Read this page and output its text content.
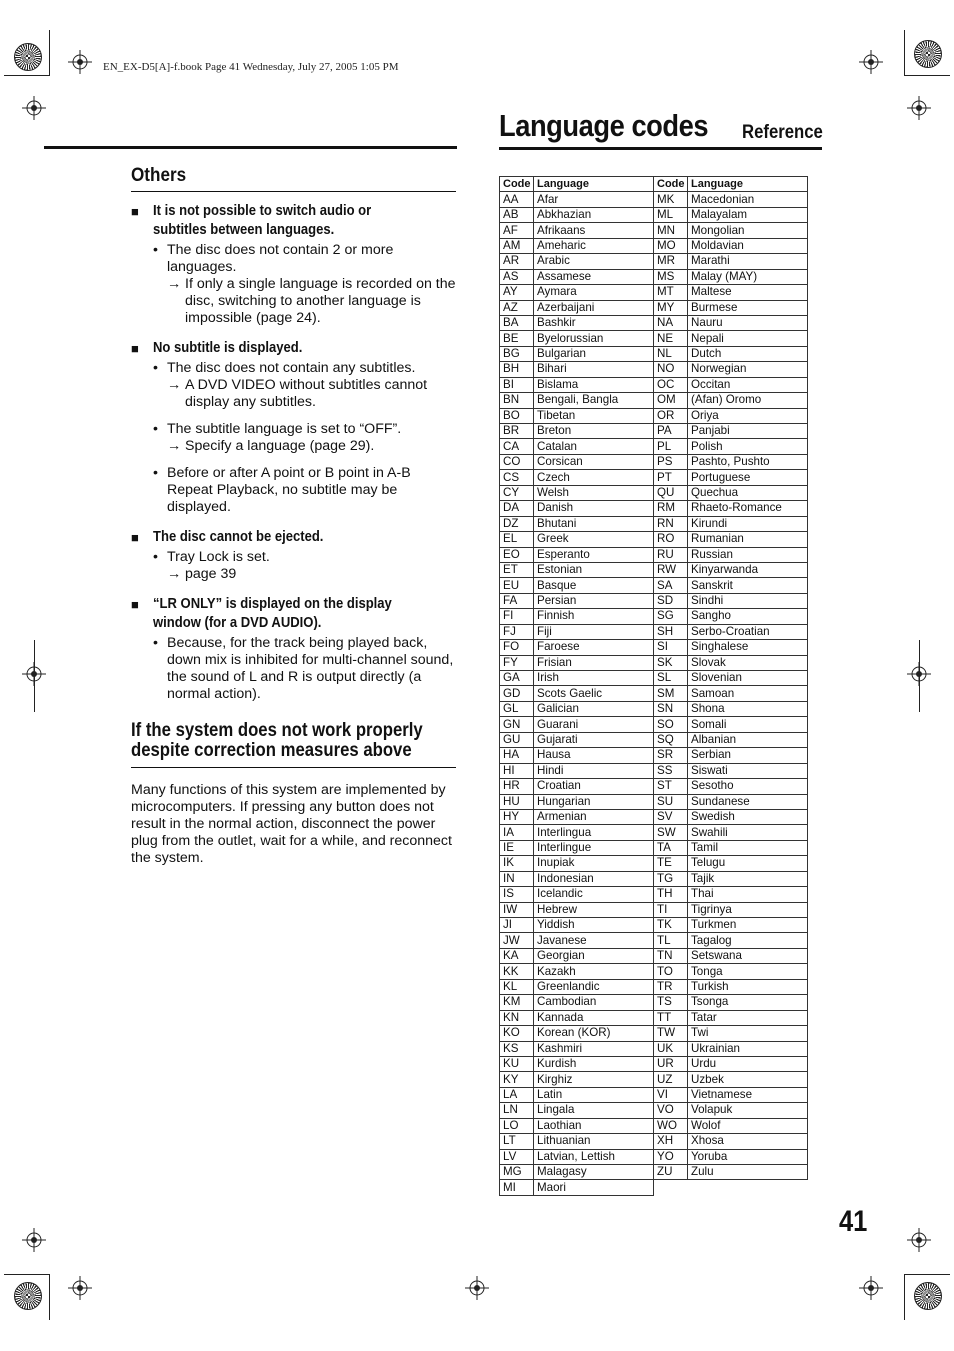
EN_EX-D5[A]-f.book Page 41 Wednesday, July 27, 2005 1:05 PM
Language codes Reference
Others
■ It is not possible to switch audio or subtitles between languages.
• The disc does not contain 2 or more languages.
→ If only a single language is recorded on the disc, switching to another language is impossible (page 24).
■ No subtitle is displayed.
• The disc does not contain any subtitles.
→ A DVD VIDEO without subtitles cannot display any subtitles.
• The subtitle language is set to “OFF”.
→ Specify a language (page 29).
• Before or after A point or B point in A-B Repeat Playback, no subtitle may be displayed.
■ The disc cannot be ejected.
• Tray Lock is set.
→ page 39
■ “LR ONLY” is displayed on the display window (for a DVD AUDIO).
• Because, for the track being played back, down mix is inhibited for multi-channel sound, the sound of L and R is output directly (a normal action).
If the system does not work properly despite correction measures above
Many functions of this system are implemented by microcomputers. If pressing any button does not result in the normal action, disconnect the power plug from the outlet, wait for a while, and reconnect the system.
Code	Language	Code	Language
AA	Afar	MK	Macedonian
AB	Abkhazian	ML	Malayalam
AF	Afrikaans	MN	Mongolian
AM	Ameharic	MO	Moldavian
AR	Arabic	MR	Marathi
AS	Assamese	MS	Malay (MAY)
AY	Aymara	MT	Maltese
AZ	Azerbaijani	MY	Burmese
BA	Bashkir	NA	Nauru
BE	Byelorussian	NE	Nepali
BG	Bulgarian	NL	Dutch
BH	Bihari	NO	Norwegian
BI	Bislama	OC	Occitan
BN	Bengali, Bangla	OM	(Afan) Oromo
BO	Tibetan	OR	Oriya
BR	Breton	PA	Panjabi
CA	Catalan	PL	Polish
CO	Corsican	PS	Pashto, Pushto
CS	Czech	PT	Portuguese
CY	Welsh	QU	Quechua
DA	Danish	RM	Rhaeto-Romance
DZ	Bhutani	RN	Kirundi
EL	Greek	RO	Rumanian
EO	Esperanto	RU	Russian
ET	Estonian	RW	Kinyarwanda
EU	Basque	SA	Sanskrit
FA	Persian	SD	Sindhi
FI	Finnish	SG	Sangho
FJ	Fiji	SH	Serbo-Croatian
FO	Faroese	SI	Singhalese
FY	Frisian	SK	Slovak
GA	Irish	SL	Slovenian
GD	Scots Gaelic	SM	Samoan
GL	Galician	SN	Shona
GN	Guarani	SO	Somali
GU	Gujarati	SQ	Albanian
HA	Hausa	SR	Serbian
HI	Hindi	SS	Siswati
HR	Croatian	ST	Sesotho
HU	Hungarian	SU	Sundanese
HY	Armenian	SV	Swedish
IA	Interlingua	SW	Swahili
IE	Interlingue	TA	Tamil
IK	Inupiak	TE	Telugu
IN	Indonesian	TG	Tajik
IS	Icelandic	TH	Thai
IW	Hebrew	TI	Tigrinya
JI	Yiddish	TK	Turkmen
JW	Javanese	TL	Tagalog
KA	Georgian	TN	Setswana
KK	Kazakh	TO	Tonga
KL	Greenlandic	TR	Turkish
KM	Cambodian	TS	Tsonga
KN	Kannada	TT	Tatar
KO	Korean (KOR)	TW	Twi
KS	Kashmiri	UK	Ukrainian
KU	Kurdish	UR	Urdu
KY	Kirghiz	UZ	Uzbek
LA	Latin	VI	Vietnamese
LN	Lingala	VO	Volapuk
LO	Laothian	WO	Wolof
LT	Lithuanian	XH	Xhosa
LV	Latvian, Lettish	YO	Yoruba
MG	Malagasy	ZU	Zulu
MI	Maori		
41
